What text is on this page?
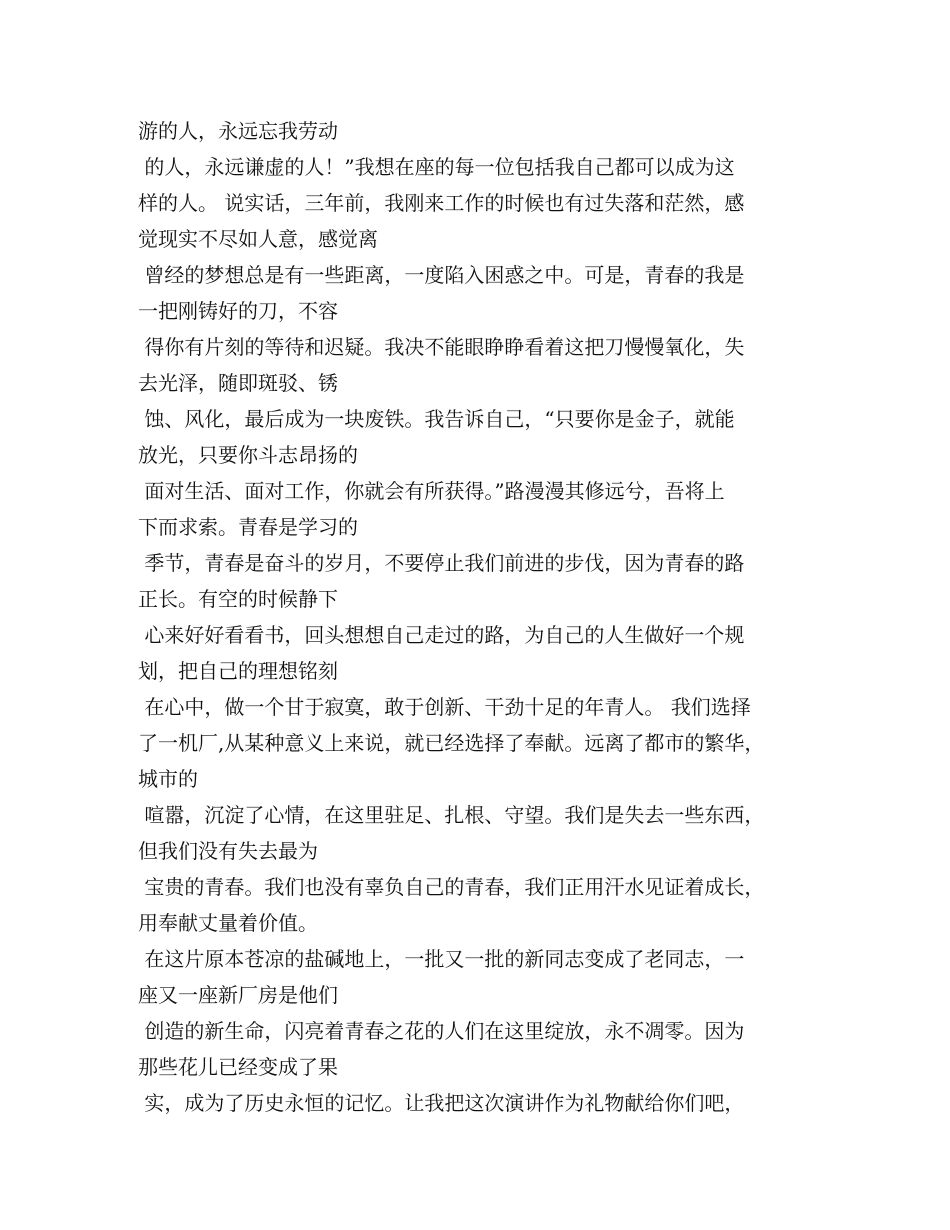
游的人，永远忘我劳动
的人，永远谦虚的人！”我想在座的每一位包括我自己都可以成为这
样的人。 说实话，三年前，我刚来工作的时候也有过失落和茫然，感
觉现实不尽如人意，感觉离
曾经的梦想总是有一些距离，一度陷入困惑之中。可是，青春的我是
一把刚铸好的刀，不容
得你有片刻的等待和迟疑。我决不能眼睁睁看着这把刀慢慢氧化，失
去光泽，随即斑驳、锈
蚀、风化，最后成为一块废铁。我告诉自己，“只要你是金子，就能
放光，只要你斗志昂扬的
面对生活、面对工作，你就会有所获得。”路漫漫其修远兮，吾将上
下而求索。青春是学习的
季节，青春是奋斗的岁月，不要停止我们前进的步伐，因为青春的路
正长。有空的时候静下
心来好好看看书，回头想想自己走过的路，为自己的人生做好一个规
划，把自己的理想铭刻
在心中，做一个甘于寂寞，敢于创新、干劲十足的年青人。 我们选择
了一机厂,从某种意义上来说，就已经选择了奉献。远离了都市的繁华，
城市的
喧嚣，沉淀了心情，在这里驻足、扎根、守望。我们是失去一些东西，
但我们没有失去最为
宝贵的青春。我们也没有辜负自己的青春，我们正用汗水见证着成长，
用奉献丈量着价值。
在这片原本苍凉的盐碱地上，一批又一批的新同志变成了老同志，一
座又一座新厂房是他们
创造的新生命，闪亮着青春之花的人们在这里绽放，永不凋零。因为
那些花儿已经变成了果
实，成为了历史永恒的记忆。让我把这次演讲作为礼物献给你们吧，
